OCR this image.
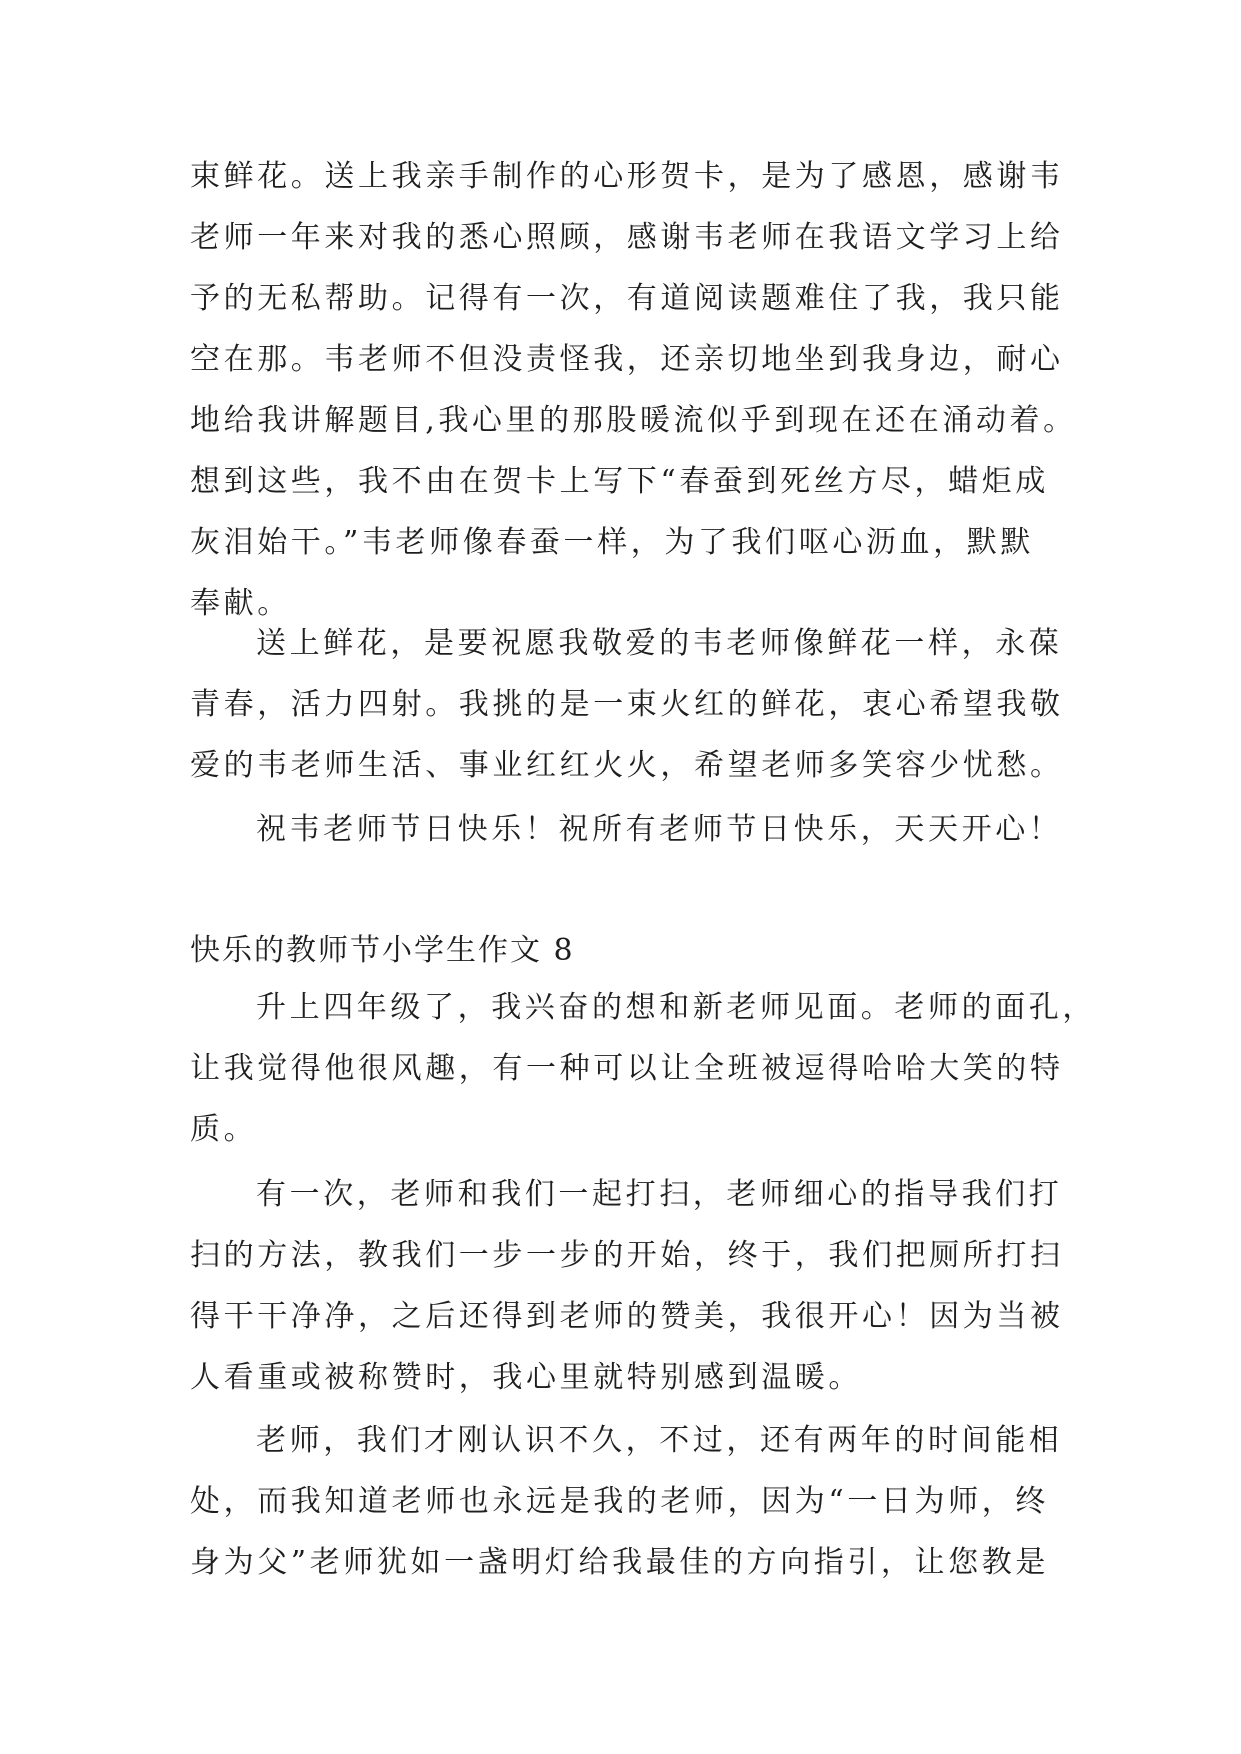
束鲜花。送上我亲手制作的心形贺卡，是为了感恩，感谢韦
老师一年来对我的悉心照顾，感谢韦老师在我语文学习上给
予的无私帮助。记得有一次，有道阅读题难住了我，我只能
空在那。韦老师不但没责怪我，还亲切地坐到我身边，耐心
地给我讲解题目,我心里的那股暖流似乎到现在还在涌动着。
想到这些，我不由在贺卡上写下“春蚕到死丝方尽，蜡炬成
灰泪始干。”韦老师像春蚕一样，为了我们呕心沥血，默默
奉献。
送上鲜花，是要祝愿我敬爱的韦老师像鲜花一样，永葆
青春，活力四射。我挑的是一束火红的鲜花，衷心希望我敬
爱的韦老师生活、事业红红火火，希望老师多笑容少忧愁。
祝韦老师节日快乐！祝所有老师节日快乐，天天开心！
快乐的教师节小学生作文 8
升上四年级了，我兴奋的想和新老师见面。老师的面孔，
让我觉得他很风趣，有一种可以让全班被逗得哈哈大笑的特
质。
有一次，老师和我们一起打扫，老师细心的指导我们打
扫的方法，教我们一步一步的开始，终于，我们把厕所打扫
得干干净净，之后还得到老师的赞美，我很开心！因为当被
人看重或被称赞时，我心里就特别感到温暖。
老师，我们才刚认识不久，不过，还有两年的时间能相
处，而我知道老师也永远是我的老师，因为“一日为师，终
身为父”老师犹如一盏明灯给我最佳的方向指引，让您教是
